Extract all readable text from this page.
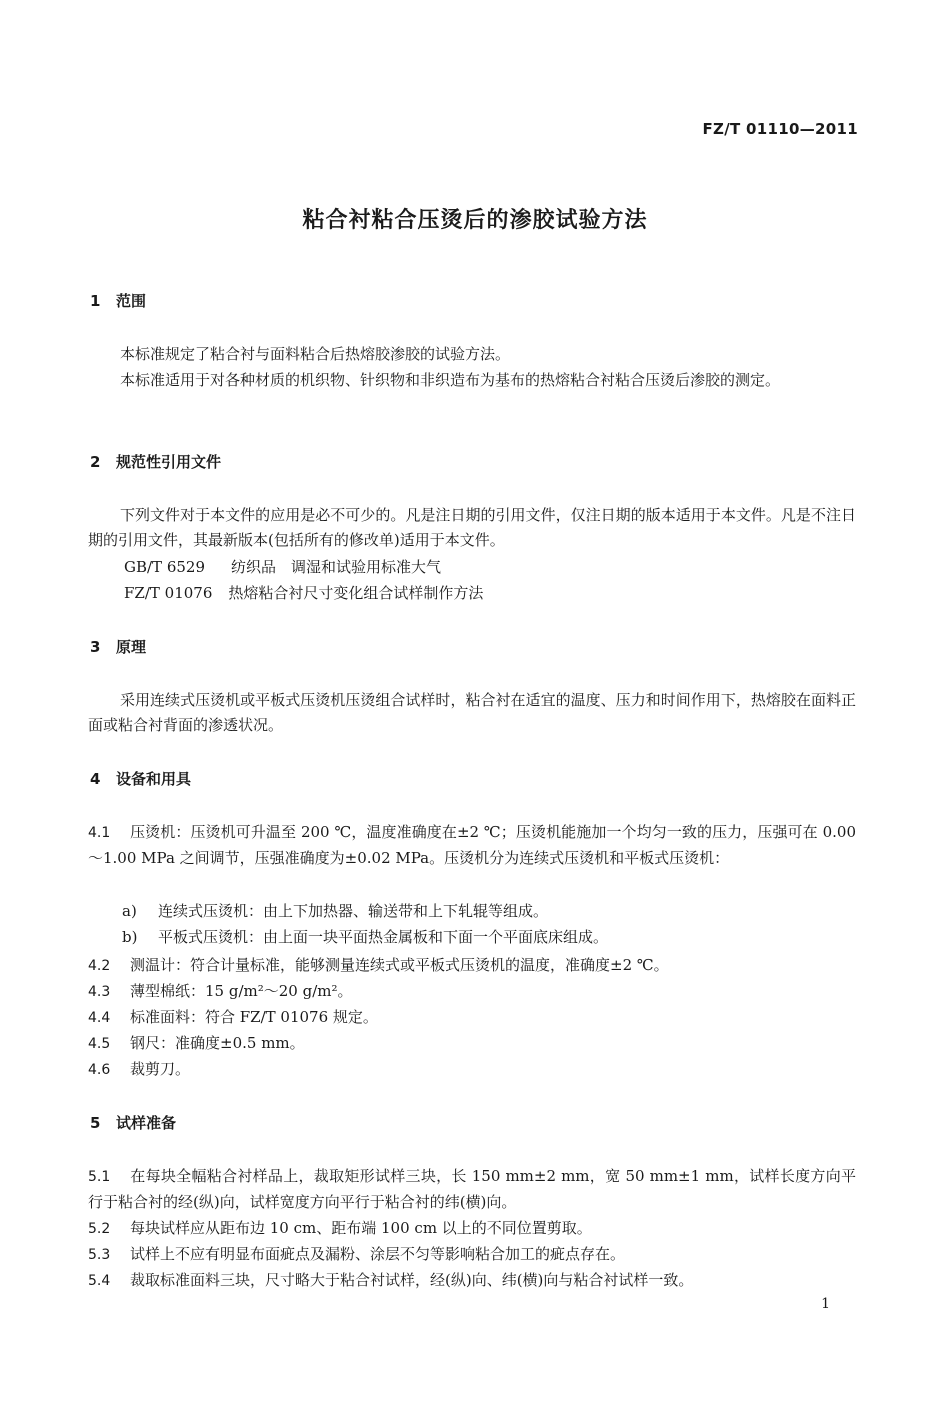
FZ/T 01110—2011
粘合衬粘合压烫后的渗胶试验方法
1 范围
本标准规定了粘合衬与面料粘合后热熔胶渗胶的试验方法。
本标准适用于对各种材质的机织物、针织物和非织造布为基布的热熔粘合衬粘合压烫后渗胶的测定。
2 规范性引用文件
下列文件对于本文件的应用是必不可少的。凡是注日期的引用文件，仅注日期的版本适用于本文件。凡是不注日期的引用文件，其最新版本(包括所有的修改单)适用于本文件。
GB/T 6529 纺织品　调湿和试验用标准大气
FZ/T 01076 热熔粘合衬尺寸变化组合试样制作方法
3 原理
采用连续式压烫机或平板式压烫机压烫组合试样时，粘合衬在适宜的温度、压力和时间作用下，热熔胶在面料正面或粘合衬背面的渗透状况。
4 设备和用具
4.1 压烫机：压烫机可升温至 200 ℃，温度准确度在±2 ℃；压烫机能施加一个均匀一致的压力，压强可在 0.00～1.00 MPa 之间调节，压强准确度为±0.02 MPa。压烫机分为连续式压烫机和平板式压烫机：
a) 连续式压烫机：由上下加热器、输送带和上下轧辊等组成。
b) 平板式压烫机：由上面一块平面热金属板和下面一个平面底床组成。
4.2 测温计：符合计量标准，能够测量连续式或平板式压烫机的温度，准确度±2 ℃。
4.3 薄型棉纸：15 g/m²～20 g/m²。
4.4 标准面料：符合 FZ/T 01076 规定。
4.5 钢尺：准确度±0.5 mm。
4.6 裁剪刀。
5 试样准备
5.1 在每块全幅粘合衬样品上，裁取矩形试样三块，长 150 mm±2 mm，宽 50 mm±1 mm，试样长度方向平行于粘合衬的经(纵)向，试样宽度方向平行于粘合衬的纬(横)向。
5.2 每块试样应从距布边 10 cm、距布端 100 cm 以上的不同位置剪取。
5.3 试样上不应有明显布面疵点及漏粉、涂层不匀等影响粘合加工的疵点存在。
5.4 裁取标准面料三块，尺寸略大于粘合衬试样，经(纵)向、纬(横)向与粘合衬试样一致。
1
